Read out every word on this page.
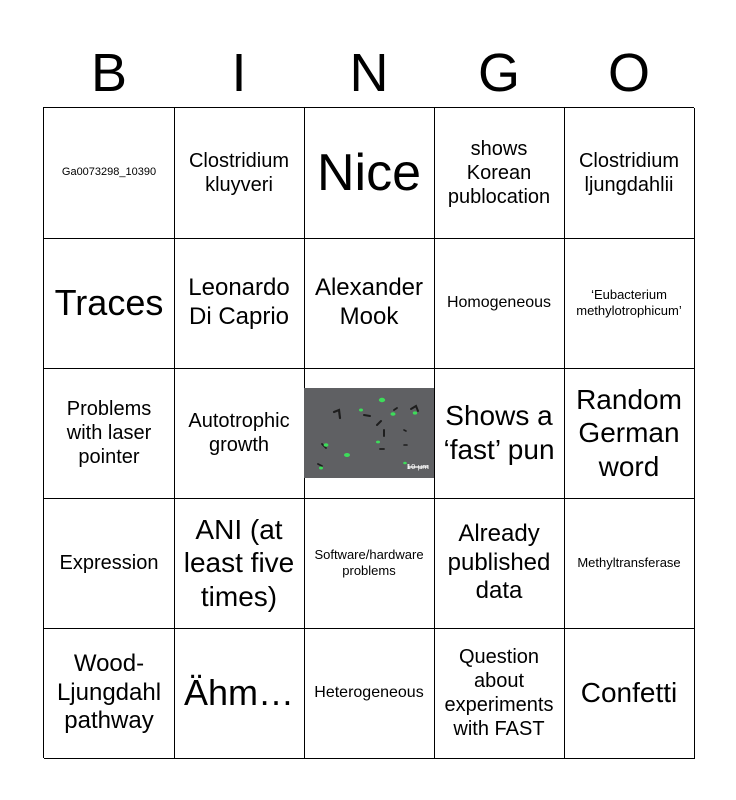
B	I	N	G	O
Ga0073298_10390
Clostridium kluyveri Nice	shows Korean publocation
Clostridium ljungdahlii
Traces	Leonardo Di Caprio
Alexander Mook
Homogeneous	‘Eubacterium methylotrophicum’
Problems with laser pointer
Autotrophic growth
10 µm
Shows a ‘fast’ pun
Random German word
Expression
ANI (at least five times)
Software/hardware problems
Already published data
Methyltransferase
Wood-Ljungdahl pathway
Ähm… Heterogeneous
Question about experiments with FAST
Confetti
